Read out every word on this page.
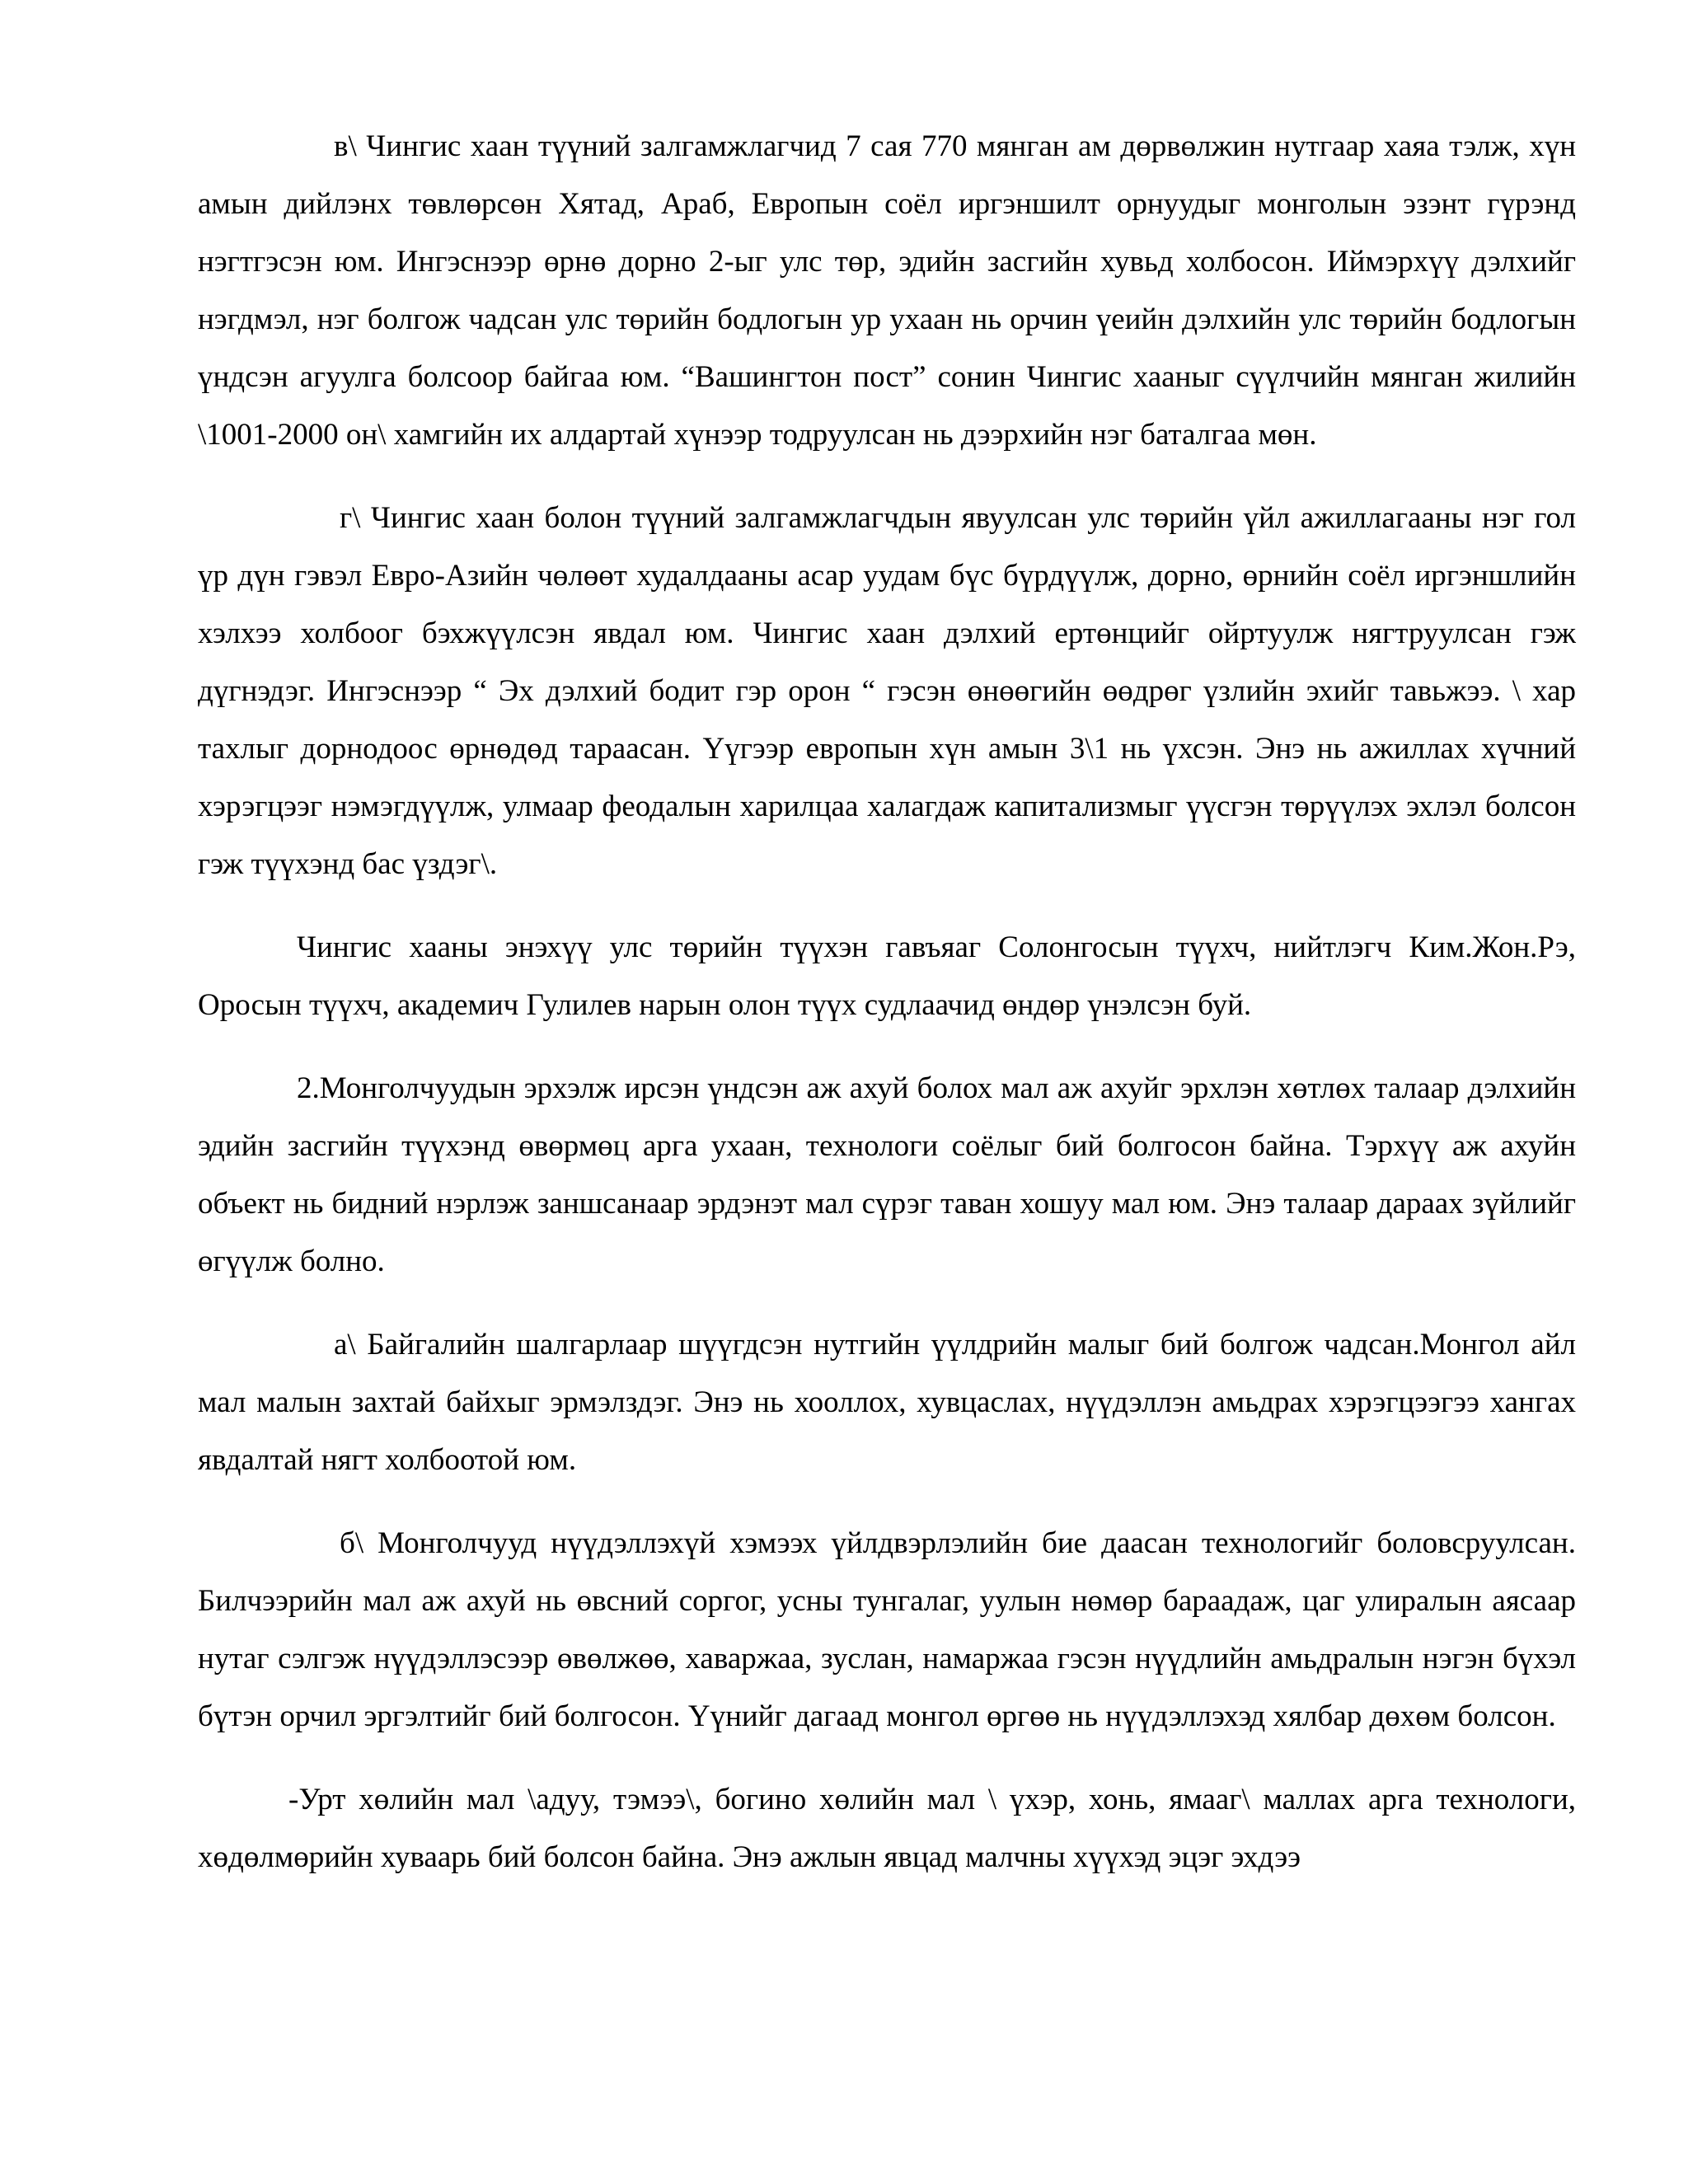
в\ Чингис хаан түүний залгамжлагчид 7 сая 770 мянган ам дөрвөлжин нутгаар хаяа тэлж, хүн амын дийлэнх төвлөрсөн Хятад, Араб, Европын соёл иргэншилт орнуудыг монголын эзэнт гүрэнд нэгтгэсэн юм. Ингэснээр өрнө дорно 2-ыг улс төр, эдийн засгийн хувьд холбосон. Иймэрхүү дэлхийг нэгдмэл, нэг болгож чадсан улс төрийн бодлогын ур ухаан нь орчин үеийн дэлхийн улс төрийн бодлогын үндсэн агуулга болсоор байгаа юм. “Вашингтон пост” сонин Чингис хааныг сүүлчийн мянган жилийн \1001-2000 он\ хамгийн их алдартай хүнээр тодруулсан нь дээрхийн нэг баталгаа мөн.

г\ Чингис хаан болон түүний залгамжлагчдын явуулсан улс төрийн үйл ажиллагааны нэг гол үр дүн гэвэл Евро-Азийн чөлөөт худалдааны асар уудам бүс бүрдүүлж, дорно, өрнийн соёл иргэншлийн хэлхээ холбоог бэхжүүлсэн явдал юм. Чингис хаан дэлхий ертөнцийг ойртуулж нягтруулсан гэж дүгнэдэг. Ингэснээр “ Эх дэлхий бодит гэр орон “ гэсэн өнөөгийн өөдрөг үзлийн эхийг тавьжээ. \ хар тахлыг дорнодоос өрнөдөд тараасан. Үүгээр европын хүн амын 3\1 нь үхсэн. Энэ нь ажиллах хүчний хэрэгцээг нэмэгдүүлж, улмаар феодалын харилцаа халагдаж капитализмыг үүсгэн төрүүлэх эхлэл болсон гэж түүхэнд бас үздэг\.

Чингис хааны энэхүү улс төрийн түүхэн гавъяаг Солонгосын түүхч, нийтлэгч Ким.Жон.Рэ, Оросын түүхч, академич Гулилев нарын олон түүх судлаачид өндөр үнэлсэн буй.

2.Монголчуудын эрхэлж ирсэн үндсэн аж ахуй болох мал аж ахуйг эрхлэн хөтлөх талаар дэлхийн эдийн засгийн түүхэнд өвөрмөц арга ухаан, технологи соёлыг бий болгосон байна. Тэрхүү аж ахуйн объект нь бидний нэрлэж заншсанаар эрдэнэт мал сүрэг таван хошуу мал юм. Энэ талаар дараах зүйлийг өгүүлж болно.

а\ Байгалийн шалгарлаар шүүгдсэн нутгийн үүлдрийн малыг бий болгож чадсан.Монгол айл мал малын захтай байхыг эрмэлздэг. Энэ нь хооллох, хувцаслах, нүүдэллэн амьдрах хэрэгцээгээ хангах явдалтай нягт холбоотой юм.

б\ Монголчууд нүүдэллэхүй хэмээх үйлдвэрлэлийн бие даасан технологийг боловсруулсан. Билчээрийн мал аж ахуй нь өвсний соргог, усны тунгалаг, уулын нөмөр бараадаж, цаг улиралын аясаар нутаг сэлгэж нүүдэллэсээр өвөлжөө, хаваржаа, зуслан, намаржаа гэсэн нүүдлийн амьдралын нэгэн бүхэл бүтэн орчил эргэлтийг бий болгосон. Үүнийг дагаад монгол өргөө нь нүүдэллэхэд хялбар дөхөм болсон.

-Урт хөлийн мал \адуу, тэмээ\, богино хөлийн мал \ үхэр, хонь, ямааг\ маллах арга технологи, хөдөлмөрийн хуваарь бий болсон байна. Энэ ажлын явцад малчны хүүхэд эцэг эхдээ
